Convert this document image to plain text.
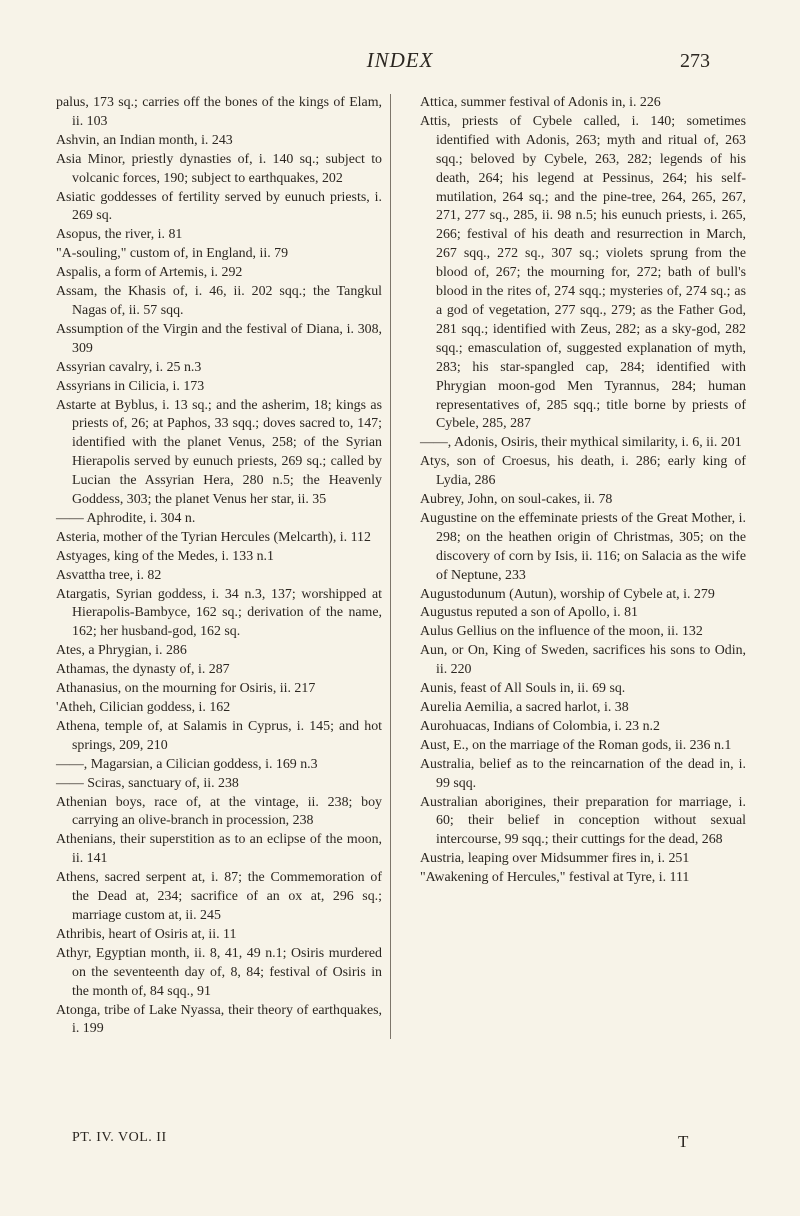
INDEX	273

palus, 173 sq.; carries off the bones of the kings of Elam, ii. 103

Ashvin, an Indian month, i. 243

Asia Minor, priestly dynasties of, i. 140 sq.; subject to volcanic forces, 190; subject to earthquakes, 202

Asiatic goddesses of fertility served by eunuch priests, i. 269 sq.

Asopus, the river, i. 81

"A-souling," custom of, in England, ii. 79

Aspalis, a form of Artemis, i. 292

Assam, the Khasis of, i. 46, ii. 202 sqq.; the Tangkul Nagas of, ii. 57 sqq.

Assumption of the Virgin and the festival of Diana, i. 308, 309

Assyrian cavalry, i. 25 n.3

Assyrians in Cilicia, i. 173

Astarte at Byblus, i. 13 sq.; and the asherim, 18; kings as priests of, 26; at Paphos, 33 sqq.; doves sacred to, 147; identified with the planet Venus, 258; of the Syrian Hierapolis served by eunuch priests, 269 sq.; called by Lucian the Assyrian Hera, 280 n.5; the Heavenly Goddess, 303; the planet Venus her star, ii. 35

—— Aphrodite, i. 304 n.

Asteria, mother of the Tyrian Hercules (Melcarth), i. 112

Astyages, king of the Medes, i. 133 n.1

Asvattha tree, i. 82

Atargatis, Syrian goddess, i. 34 n.3, 137; worshipped at Hierapolis-Bambyce, 162 sq.; derivation of the name, 162; her husband-god, 162 sq.

Ates, a Phrygian, i. 286

Athamas, the dynasty of, i. 287

Athanasius, on the mourning for Osiris, ii. 217

'Atheh, Cilician goddess, i. 162

Athena, temple of, at Salamis in Cyprus, i. 145; and hot springs, 209, 210

——, Magarsian, a Cilician goddess, i. 169 n.3

—— Sciras, sanctuary of, ii. 238

Athenian boys, race of, at the vintage, ii. 238; boy carrying an olive-branch in procession, 238

Athenians, their superstition as to an eclipse of the moon, ii. 141

Athens, sacred serpent at, i. 87; the Commemoration of the Dead at, 234; sacrifice of an ox at, 296 sq.; marriage custom at, ii. 245

Athribis, heart of Osiris at, ii. 11

Athyr, Egyptian month, ii. 8, 41, 49 n.1; Osiris murdered on the seventeenth day of, 8, 84; festival of Osiris in the month of, 84 sqq., 91

Atonga, tribe of Lake Nyassa, their theory of earthquakes, i. 199

Attica, summer festival of Adonis in, i. 226

Attis, priests of Cybele called, i. 140; sometimes identified with Adonis, 263; myth and ritual of, 263 sqq.; beloved by Cybele, 263, 282; legends of his death, 264; his legend at Pessinus, 264; his self-mutilation, 264 sq.; and the pine-tree, 264, 265, 267, 271, 277 sq., 285, ii. 98 n.5; his eunuch priests, i. 265, 266; festival of his death and resurrection in March, 267 sqq., 272 sq., 307 sq.; violets sprung from the blood of, 267; the mourning for, 272; bath of bull's blood in the rites of, 274 sqq.; mysteries of, 274 sq.; as a god of vegetation, 277 sqq., 279; as the Father God, 281 sqq.; identified with Zeus, 282; as a sky-god, 282 sqq.; emasculation of, suggested explanation of myth, 283; his star-spangled cap, 284; identified with Phrygian moon-god Men Tyrannus, 284; human representatives of, 285 sqq.; title borne by priests of Cybele, 285, 287

——, Adonis, Osiris, their mythical similarity, i. 6, ii. 201

Atys, son of Croesus, his death, i. 286; early king of Lydia, 286

Aubrey, John, on soul-cakes, ii. 78

Augustine on the effeminate priests of the Great Mother, i. 298; on the heathen origin of Christmas, 305; on the discovery of corn by Isis, ii. 116; on Salacia as the wife of Neptune, 233

Augustodunum (Autun), worship of Cybele at, i. 279

Augustus reputed a son of Apollo, i. 81

Aulus Gellius on the influence of the moon, ii. 132

Aun, or On, King of Sweden, sacrifices his sons to Odin, ii. 220

Aunis, feast of All Souls in, ii. 69 sq.

Aurelia Aemilia, a sacred harlot, i. 38

Aurohuacas, Indians of Colombia, i. 23 n.2

Aust, E., on the marriage of the Roman gods, ii. 236 n.1

Australia, belief as to the reincarnation of the dead in, i. 99 sqq.

Australian aborigines, their preparation for marriage, i. 60; their belief in conception without sexual intercourse, 99 sqq.; their cuttings for the dead, 268

Austria, leaping over Midsummer fires in, i. 251

"Awakening of Hercules," festival at Tyre, i. 111

PT. IV. VOL. II	T
